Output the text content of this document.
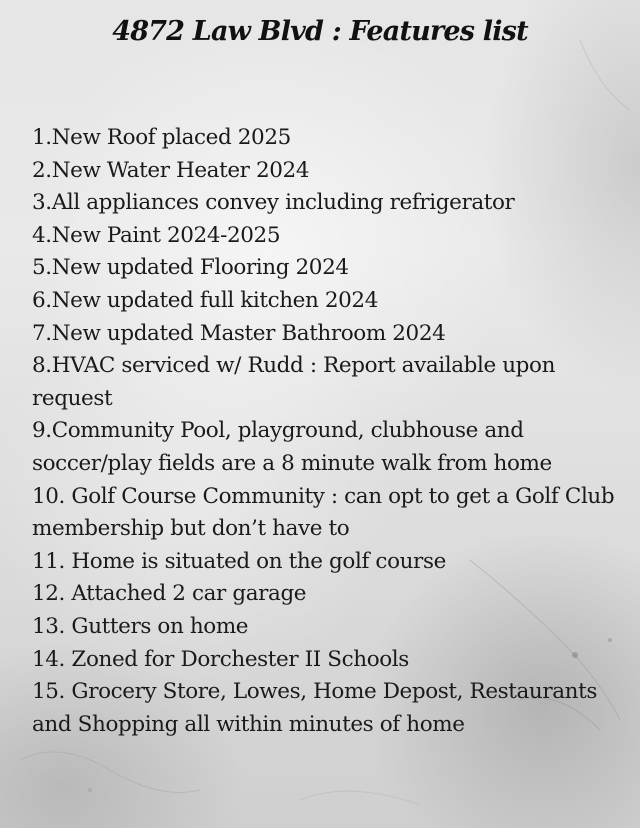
4872 Law Blvd : Features list
1.New Roof placed 2025
2.New Water Heater 2024
3.All appliances convey including refrigerator
4.New Paint 2024-2025
5.New updated Flooring 2024
6.New updated full kitchen 2024
7.New updated Master Bathroom 2024
8.HVAC serviced w/ Rudd : Report available upon request
9.Community Pool, playground, clubhouse and soccer/play fields are a 8 minute walk from home
10. Golf Course Community : can opt to get a Golf Club membership but don’t have to
11. Home is situated on the golf course
12. Attached 2 car garage
13. Gutters on home
14. Zoned for Dorchester II Schools
15. Grocery Store, Lowes, Home Depost, Restaurants and Shopping all within minutes of home
